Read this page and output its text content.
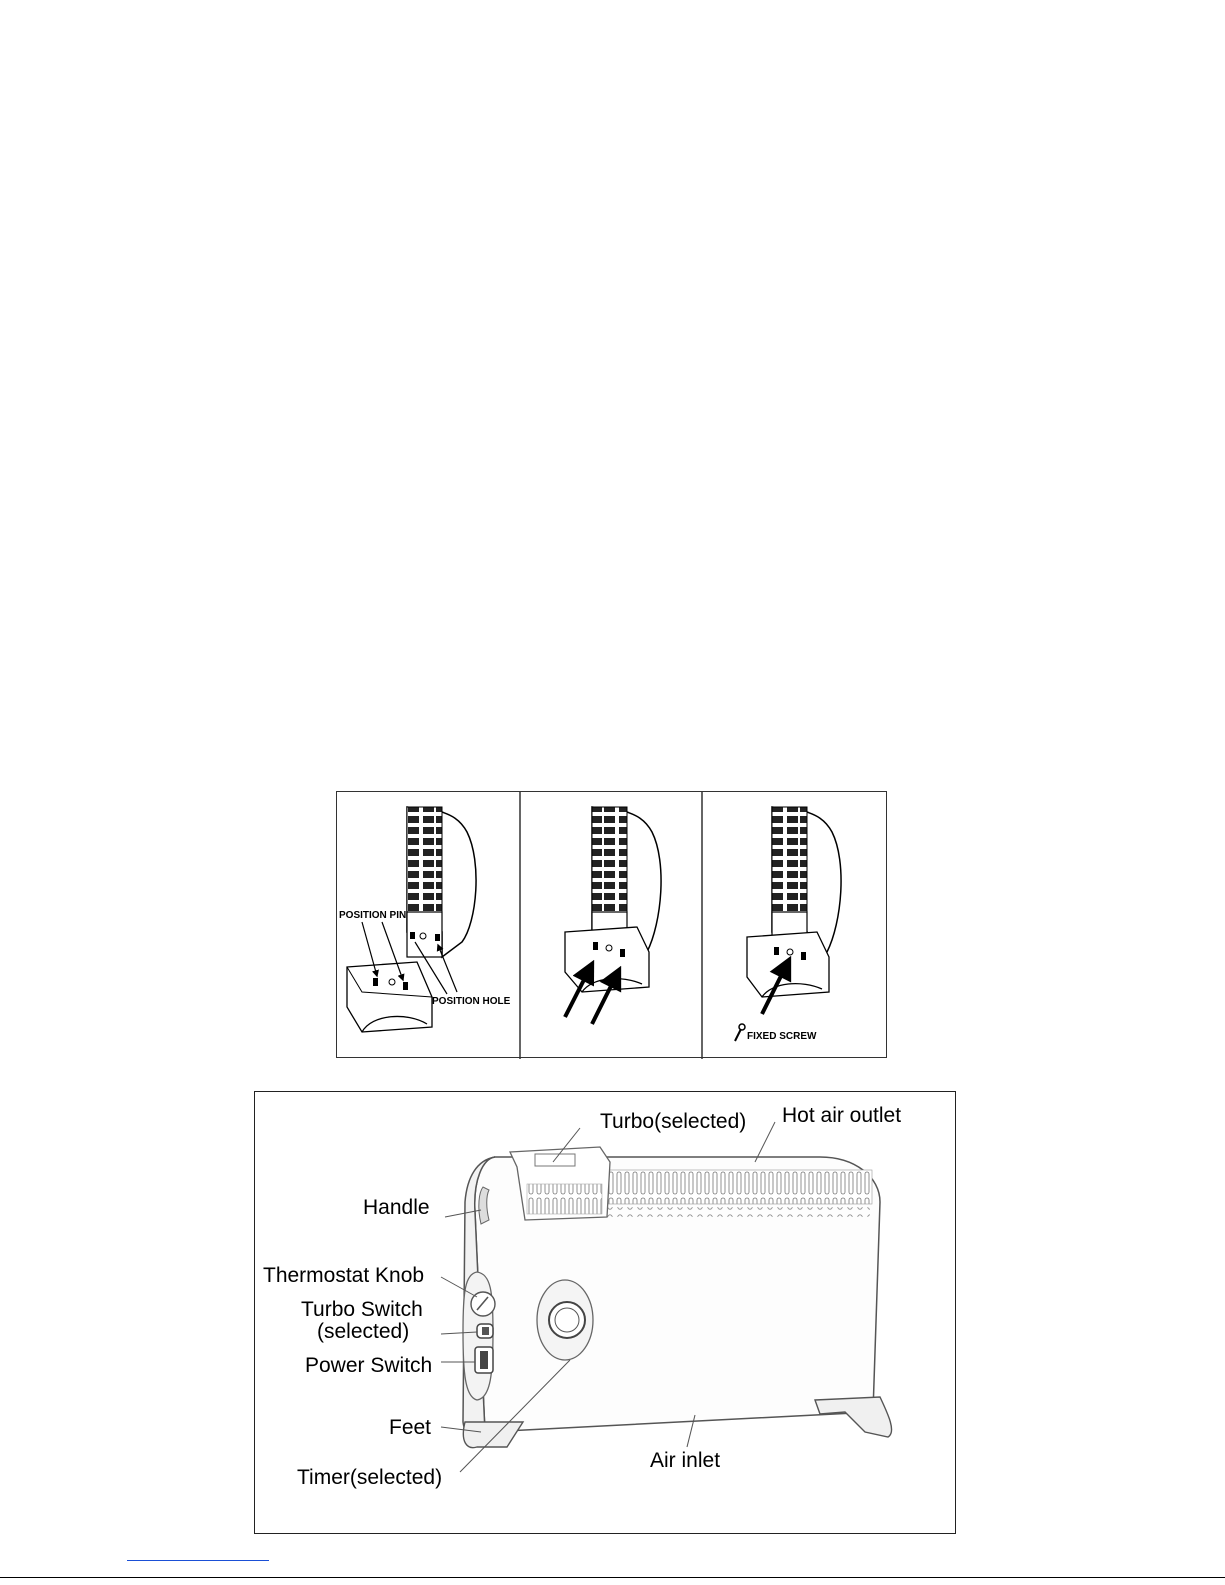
POSITION PIN
POSITION HOLE
FIXED SCREW
Turbo(selected) Hot air outlet
Handle
Thermostat Knob
Turbo Switch
(selected)
Power Switch
Feet
Timer(selected)
Air inlet
